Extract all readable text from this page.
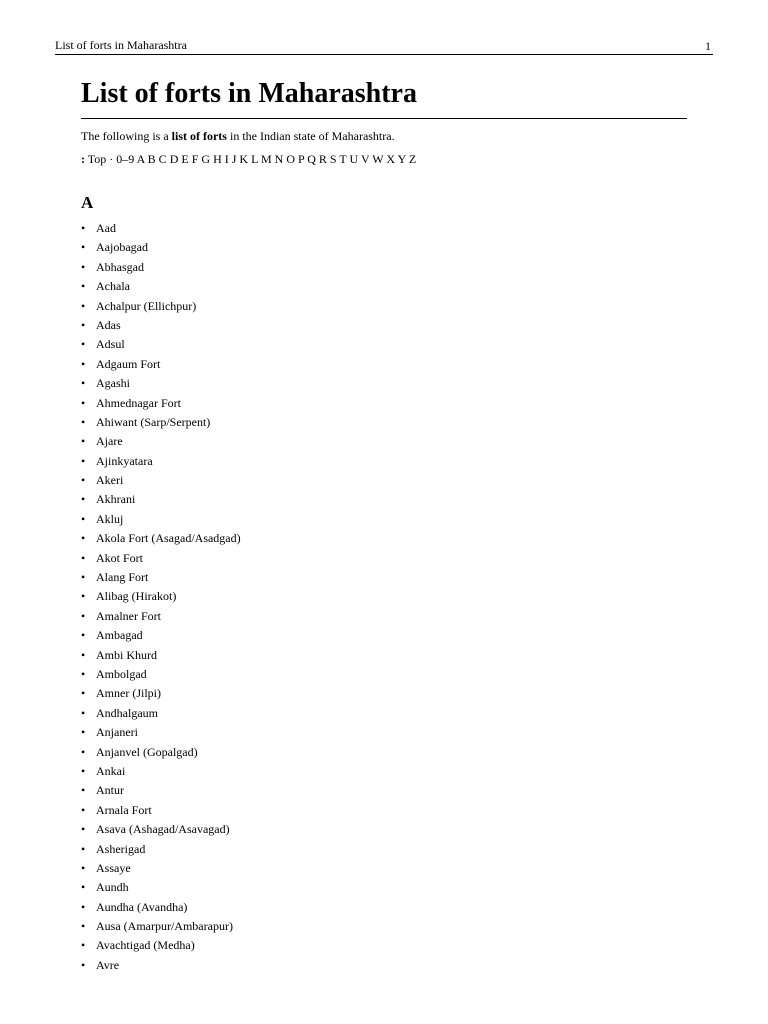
List of forts in Maharashtra	1
List of forts in Maharashtra

The following is a list of forts in the Indian state of Maharashtra.

: Top · 0–9 A B C D E F G H I J K L M N O P Q R S T U V W X Y Z

A
• Aad
• Aajobagad
• Abhasgad
• Achala
• Achalpur (Ellichpur)
• Adas
• Adsul
• Adgaum Fort
• Agashi
• Ahmednagar Fort
• Ahiwant (Sarp/Serpent)
• Ajare
• Ajinkyatara
• Akeri
• Akhrani
• Akluj
• Akola Fort (Asagad/Asadgad)
• Akot Fort
• Alang Fort
• Alibag (Hirakot)
• Amalner Fort
• Ambagad
• Ambi Khurd
• Ambolgad
• Amner (Jilpi)
• Andhalgaum
• Anjaneri
• Anjanvel (Gopalgad)
• Ankai
• Antur
• Arnala Fort
• Asava (Ashagad/Asavagad)
• Asherigad
• Assaye
• Aundh
• Aundha (Avandha)
• Ausa (Amarpur/Ambarapur)
• Avachtigad (Medha)
• Avre
